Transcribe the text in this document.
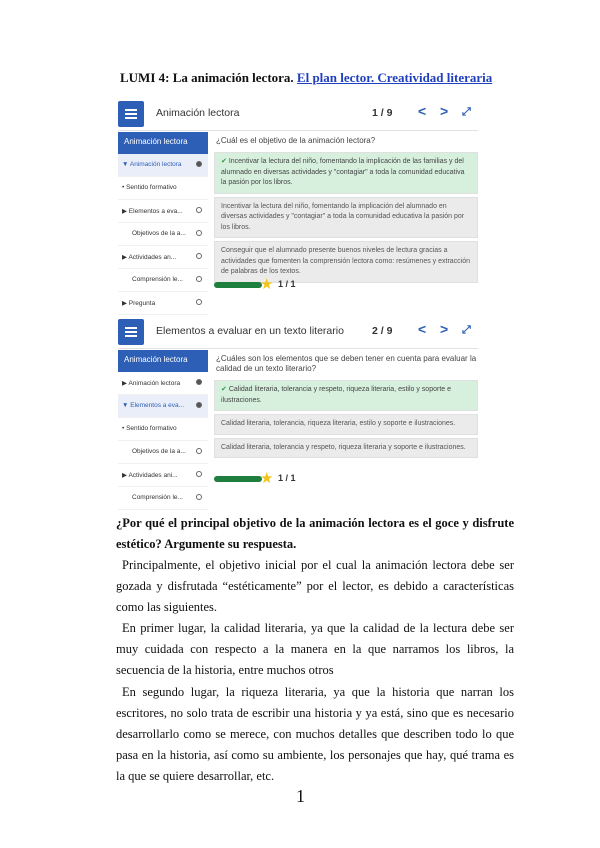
LUMI 4: La animación lectora. El plan lector. Creatividad literaria
Animación lectora	1 / 9 < > ⤢
Animación lectora
▼ Animación lectora
• Sentido formativo
▶ Elementos a eva...
Objetivos de la a...
▶ Actividades an...
Comprensión le...
▶ Pregunta
¿Cuál es el objetivo de la animación lectora?
✔ Incentivar la lectura del niño, fomentando la implicación de las familias y del alumnado en diversas actividades y "contagiar" a toda la comunidad educativa la pasión por los libros.
Incentivar la lectura del niño, fomentando la implicación del alumnado en diversas actividades y "contagiar" a toda la comunidad educativa la pasión por los libros.
Conseguir que el alumnado presente buenos niveles de lectura gracias a actividades que fomenten la comprensión lectora como: resúmenes y extracción de palabras de los textos.
★ 1 / 1
Elementos a evaluar en un texto literario	2 / 9 < > ⤢
Animación lectora
▶ Animación lectora
▼ Elementos a eva...
• Sentido formativo
Objetivos de la a...
▶ Actividades ani...
Comprensión le...
¿Cuáles son los elementos que se deben tener en cuenta para evaluar la calidad de un texto literario?
✔ Calidad literaria, tolerancia y respeto, riqueza literaria, estilo y soporte e ilustraciones.
Calidad literaria, tolerancia, riqueza literaria, estilo y soporte e ilustraciones.
Calidad literaria, tolerancia y respeto, riqueza literaria y soporte e ilustraciones.
★ 1 / 1
¿Por qué el principal objetivo de la animación lectora es el goce y disfrute estético? Argumente su respuesta.
Principalmente, el objetivo inicial por el cual la animación lectora debe ser gozada y disfrutada “estéticamente” por el lector, es debido a características como las siguientes.
En primer lugar, la calidad literaria, ya que la calidad de la lectura debe ser muy cuidada con respecto a la manera en la que narramos los libros, la secuencia de la historia, entre muchos otros
En segundo lugar, la riqueza literaria, ya que la historia que narran los escritores, no solo trata de escribir una historia y ya está, sino que es necesario desarrollarlo como se merece, con muchos detalles que describen todo lo que pasa en la historia, así como su ambiente, los personajes que hay, qué trama es la que se quiere desarrollar, etc.
1
